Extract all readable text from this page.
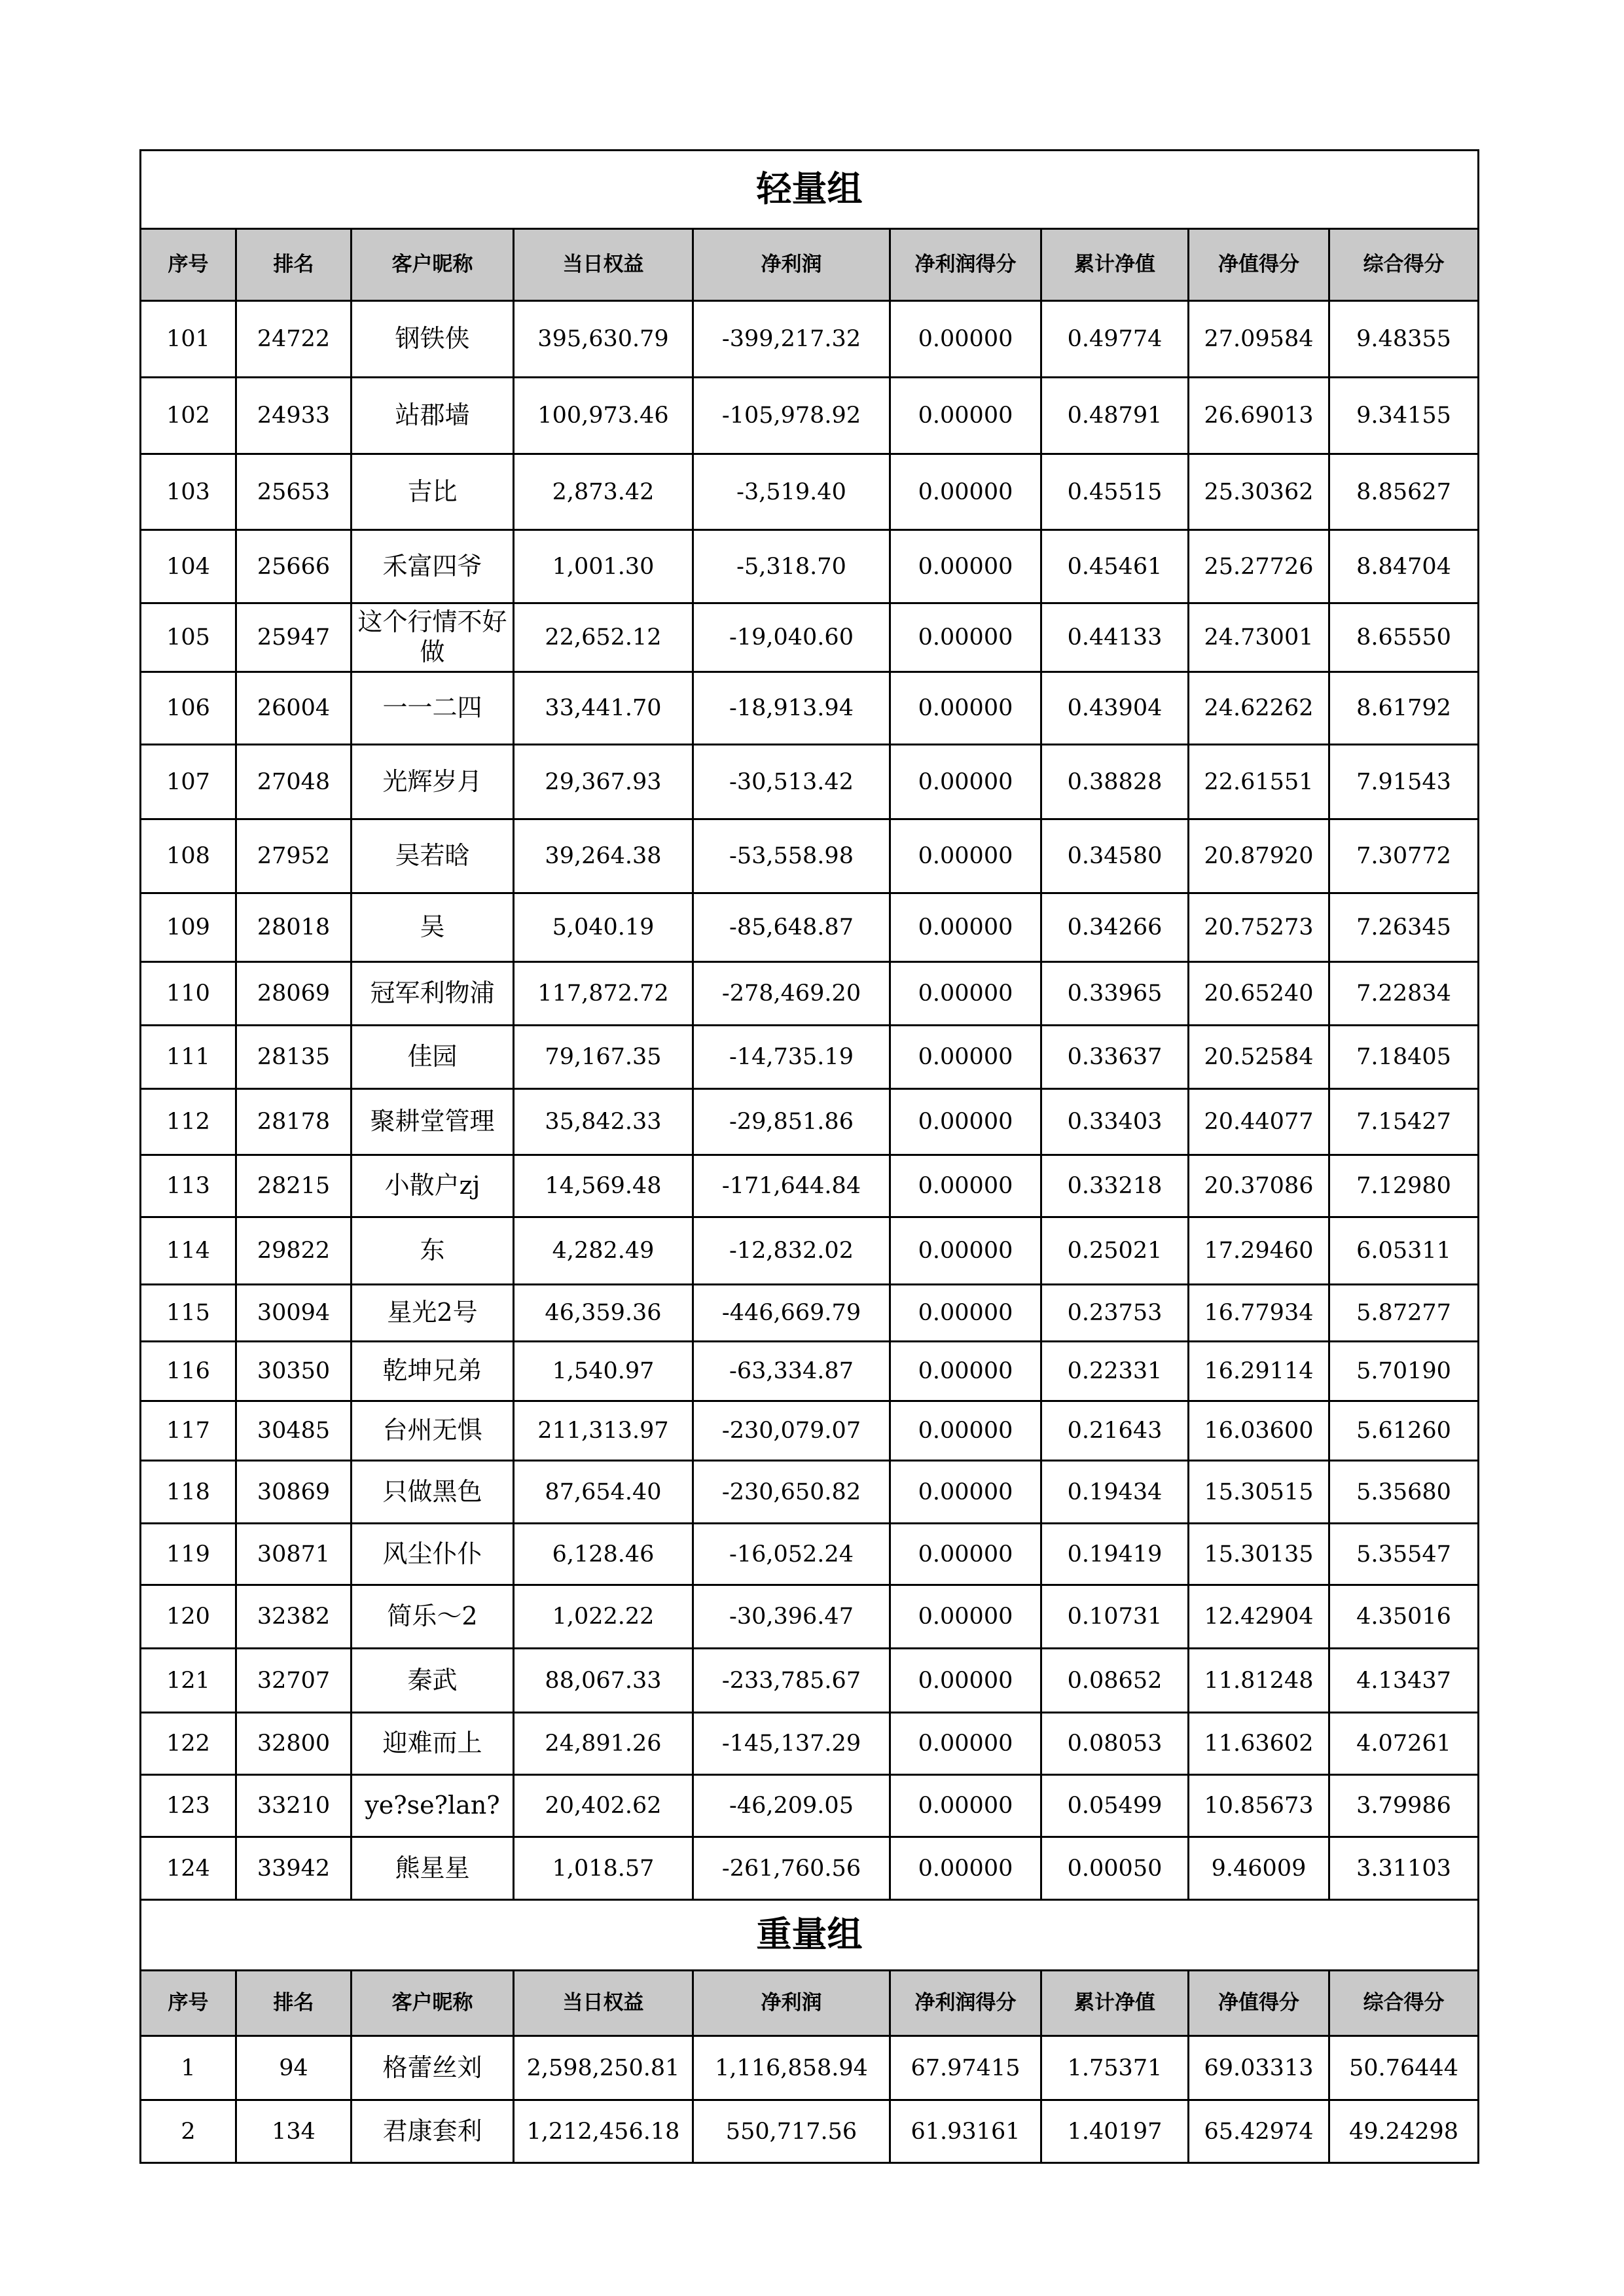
轻量组								
序号	排名	客户昵称	当日权益	净利润	净利润得分	累计净值	净值得分	综合得分
101	24722	钢铁侠	395,630.79	-399,217.32	0.00000	0.49774	27.09584	9.48355
102	24933	站郡墙	100,973.46	-105,978.92	0.00000	0.48791	26.69013	9.34155
103	25653	吉比	2,873.42	-3,519.40	0.00000	0.45515	25.30362	8.85627
104	25666	禾富四爷	1,001.30	-5,318.70	0.00000	0.45461	25.27726	8.84704
105	25947	这个行情不好做	22,652.12	-19,040.60	0.00000	0.44133	24.73001	8.65550
106	26004	一一二四	33,441.70	-18,913.94	0.00000	0.43904	24.62262	8.61792
107	27048	光辉岁月	29,367.93	-30,513.42	0.00000	0.38828	22.61551	7.91543
108	27952	吴若晗	39,264.38	-53,558.98	0.00000	0.34580	20.87920	7.30772
109	28018	吴	5,040.19	-85,648.87	0.00000	0.34266	20.75273	7.26345
110	28069	冠军利物浦	117,872.72	-278,469.20	0.00000	0.33965	20.65240	7.22834
111	28135	佳园	79,167.35	-14,735.19	0.00000	0.33637	20.52584	7.18405
112	28178	聚耕堂管理	35,842.33	-29,851.86	0.00000	0.33403	20.44077	7.15427
113	28215	小散户zj	14,569.48	-171,644.84	0.00000	0.33218	20.37086	7.12980
114	29822	东	4,282.49	-12,832.02	0.00000	0.25021	17.29460	6.05311
115	30094	星光2号	46,359.36	-446,669.79	0.00000	0.23753	16.77934	5.87277
116	30350	乾坤兄弟	1,540.97	-63,334.87	0.00000	0.22331	16.29114	5.70190
117	30485	台州无惧	211,313.97	-230,079.07	0.00000	0.21643	16.03600	5.61260
118	30869	只做黑色	87,654.40	-230,650.82	0.00000	0.19434	15.30515	5.35680
119	30871	风尘仆仆	6,128.46	-16,052.24	0.00000	0.19419	15.30135	5.35547
120	32382	简乐～2	1,022.22	-30,396.47	0.00000	0.10731	12.42904	4.35016
121	32707	秦武	88,067.33	-233,785.67	0.00000	0.08652	11.81248	4.13437
122	32800	迎难而上	24,891.26	-145,137.29	0.00000	0.08053	11.63602	4.07261
123	33210	ye?se?lan?	20,402.62	-46,209.05	0.00000	0.05499	10.85673	3.79986
124	33942	熊星星	1,018.57	-261,760.56	0.00000	0.00050	9.46009	3.31103
重量组								
序号	排名	客户昵称	当日权益	净利润	净利润得分	累计净值	净值得分	综合得分
1	94	格蕾丝刘	2,598,250.81	1,116,858.94	67.97415	1.75371	69.03313	50.76444
2	134	君康套利	1,212,456.18	550,717.56	61.93161	1.40197	65.42974	49.24298
